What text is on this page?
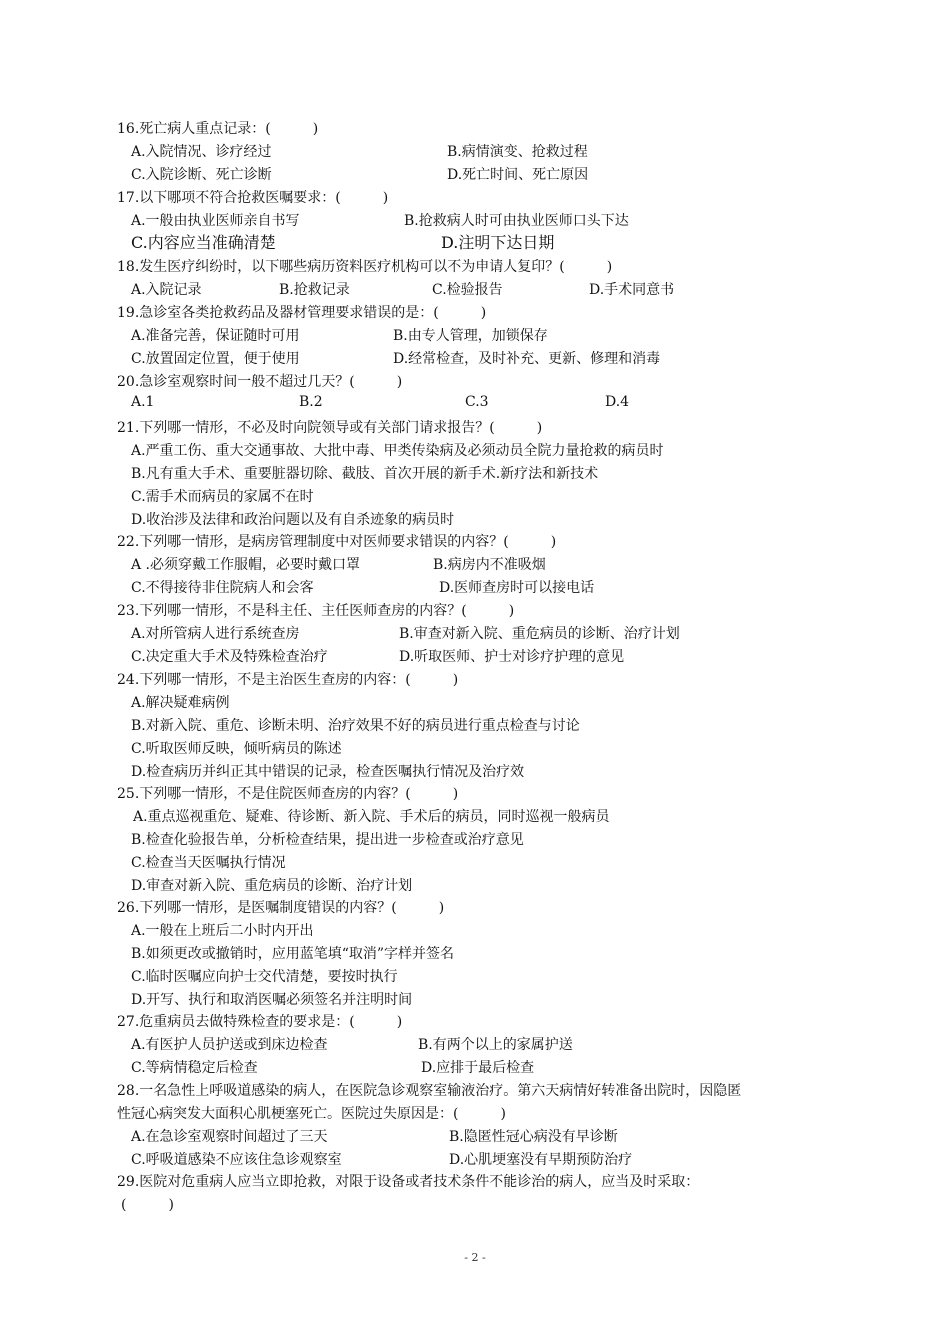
16.死亡病人重点记录：(　　　)
A.入院情况、诊疗经过	B.病情演变、抢救过程
C.入院诊断、死亡诊断	D.死亡时间、死亡原因
17.以下哪项不符合抢救医嘱要求：(　　　)
A.一般由执业医师亲自书写	B.抢救病人时可由执业医师口头下达
C.内容应当准确清楚	D.注明下达日期
18.发生医疗纠纷时，以下哪些病历资料医疗机构可以不为申请人复印？(　　　)
A.入院记录	B.抢救记录	C.检验报告	D.手术同意书
19.急诊室各类抢救药品及器材管理要求错误的是：(　　　)
A.准备完善，保证随时可用	B.由专人管理，加锁保存
C.放置固定位置，便于使用	D.经常检查，及时补充、更新、修理和消毒
20.急诊室观察时间一般不超过几天？(　　　)
A.1	B.2	C.3	D.4
21.下列哪一情形，不必及时向院领导或有关部门请求报告？(　　　)
A.严重工伤、重大交通事故、大批中毒、甲类传染病及必须动员全院力量抢救的病员时
B.凡有重大手术、重要脏器切除、截肢、首次开展的新手术.新疗法和新技术
C.需手术而病员的家属不在时
D.收治涉及法律和政治问题以及有自杀迹象的病员时
22.下列哪一情形，是病房管理制度中对医师要求错误的内容？(　　　)
A .必须穿戴工作服帽，必要时戴口罩	B.病房内不准吸烟
C.不得接待非住院病人和会客	D.医师查房时可以接电话
23.下列哪一情形，不是科主任、主任医师查房的内容？(　　　)
A.对所管病人进行系统查房	B.审查对新入院、重危病员的诊断、治疗计划
C.决定重大手术及特殊检查治疗	D.听取医师、护士对诊疗护理的意见
24.下列哪一情形，不是主治医生查房的内容：(　　　)
A.解决疑难病例
B.对新入院、重危、诊断未明、治疗效果不好的病员进行重点检查与讨论
C.听取医师反映，倾听病员的陈述
D.检查病历并纠正其中错误的记录，检查医嘱执行情况及治疗效
25.下列哪一情形，不是住院医师查房的内容？(　　　)
A.重点巡视重危、疑难、待诊断、新入院、手术后的病员，同时巡视一般病员
B.检查化验报告单，分析检查结果，提出进一步检查或治疗意见
C.检查当天医嘱执行情况
D.审查对新入院、重危病员的诊断、治疗计划
26.下列哪一情形，是医嘱制度错误的内容？(　　　)
A.一般在上班后二小时内开出
B.如须更改或撤销时，应用蓝笔填“取消”字样并签名
C.临时医嘱应向护士交代清楚，要按时执行
D.开写、执行和取消医嘱必须签名并注明时间
27.危重病员去做特殊检查的要求是：(　　　)
A.有医护人员护送或到床边检查	B.有两个以上的家属护送
C.等病情稳定后检查	D.应排于最后检查
28.一名急性上呼吸道感染的病人，在医院急诊观察室输液治疗。第六天病情好转准备出院时，因隐匿
性冠心病突发大面积心肌梗塞死亡。医院过失原因是：(　　　)
A.在急诊室观察时间超过了三天	B.隐匿性冠心病没有早诊断
C.呼吸道感染不应该住急诊观察室	D.心肌埂塞没有早期预防治疗
29.医院对危重病人应当立即抢救，对限于设备或者技术条件不能诊治的病人，应当及时采取：
(　　　)
- 2 -
